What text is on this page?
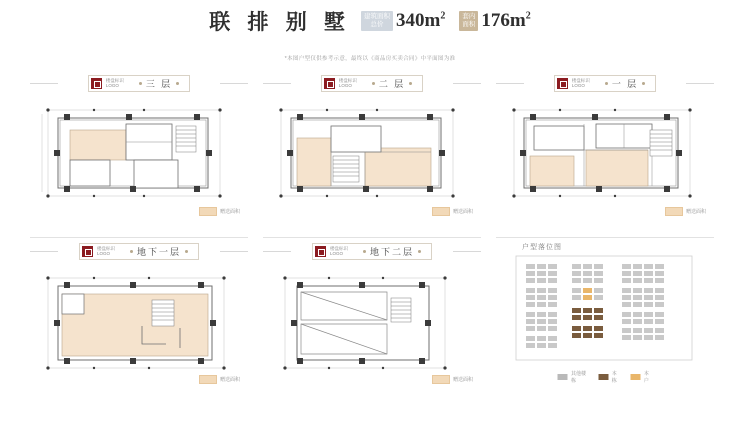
联 排 别 墅	建筑面积
总价 $340m^2$	套内
面积 $176m^2$
*本图户型仅供参考示意，最终以《商品房买卖合同》中平面图为准
楼盘标识
LOGO	三 层
赠送面积
楼盘标识
LOGO	二 层
赠送面积
楼盘标识
LOGO	一 层
赠送面积
楼盘标识
LOGO	地下一层
赠送面积
楼盘标识
LOGO	地下二层
赠送面积
户型落位图
其他楼栋
本栋
本户
